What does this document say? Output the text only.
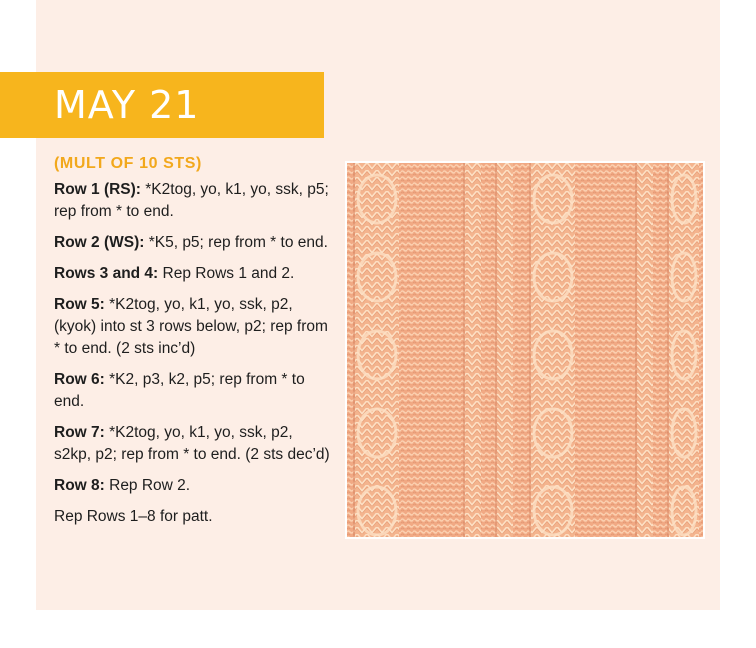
MAY 21
(MULT OF 10 STS)
Row 1 (RS): *K2tog, yo, k1, yo, ssk, p5; rep from * to end.
Row 2 (WS): *K5, p5; rep from * to end.
Rows 3 and 4: Rep Rows 1 and 2.
Row 5: *K2tog, yo, k1, yo, ssk, p2, (kyok) into st 3 rows below, p2; rep from * to end. (2 sts inc’d)
Row 6: *K2, p3, k2, p5; rep from * to end.
Row 7: *K2tog, yo, k1, yo, ssk, p2, s2kp, p2; rep from * to end. (2 sts dec’d)
Row 8: Rep Row 2.
Rep Rows 1–8 for patt.
